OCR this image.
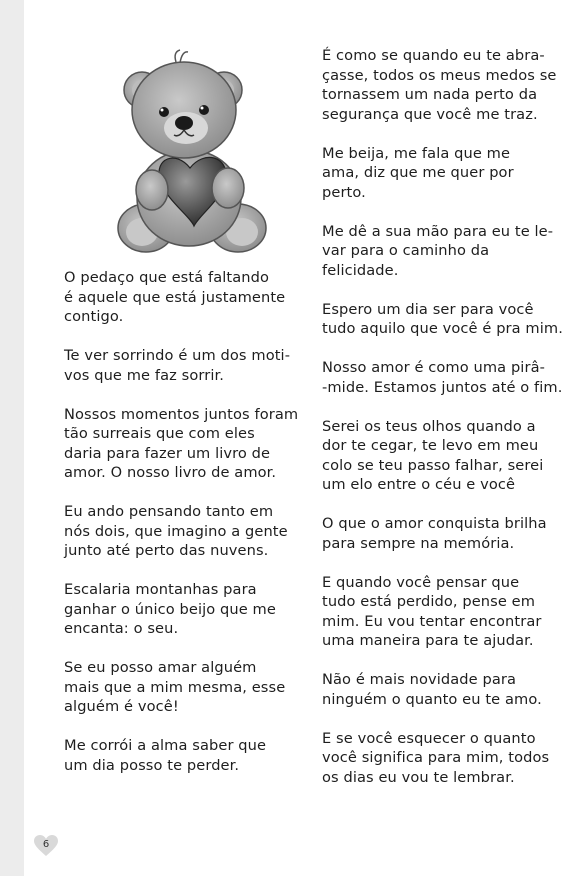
O pedaço que está faltando
é aquele que está justamente
contigo.

Te ver sorrindo é um dos moti-
vos que me faz sorrir.

Nossos momentos juntos foram
tão surreais que com eles
daria para fazer um livro de
amor. O nosso livro de amor.

Eu ando pensando tanto em
nós dois, que imagino a gente
junto até perto das nuvens.

Escalaria montanhas para
ganhar o único beijo que me
encanta: o seu.

Se eu posso amar alguém
mais que a mim mesma, esse
alguém é você!

Me corrói a alma saber que
um dia posso te perder.

É como se quando eu te abra-
çasse, todos os meus medos se
tornassem um nada perto da
segurança que você me traz.

Me beija, me fala que me
ama, diz que me quer por
perto.

Me dê a sua mão para eu te le-
var para o caminho da felicidade.

Espero um dia ser para você
tudo aquilo que você é pra mim.

Nosso amor é como uma pirâ-
-mide. Estamos juntos até o fim.

Serei os teus olhos quando a
dor te cegar, te levo em meu
colo se teu passo falhar, serei
um elo entre o céu e você

O que o amor conquista brilha
para sempre na memória.

E quando você pensar que
tudo está perdido, pense em
mim. Eu vou tentar encontrar
uma maneira para te ajudar.

Não é mais novidade para
ninguém o quanto eu te amo.

E se você esquecer o quanto
você significa para mim, todos
os dias eu vou te lembrar.

6
